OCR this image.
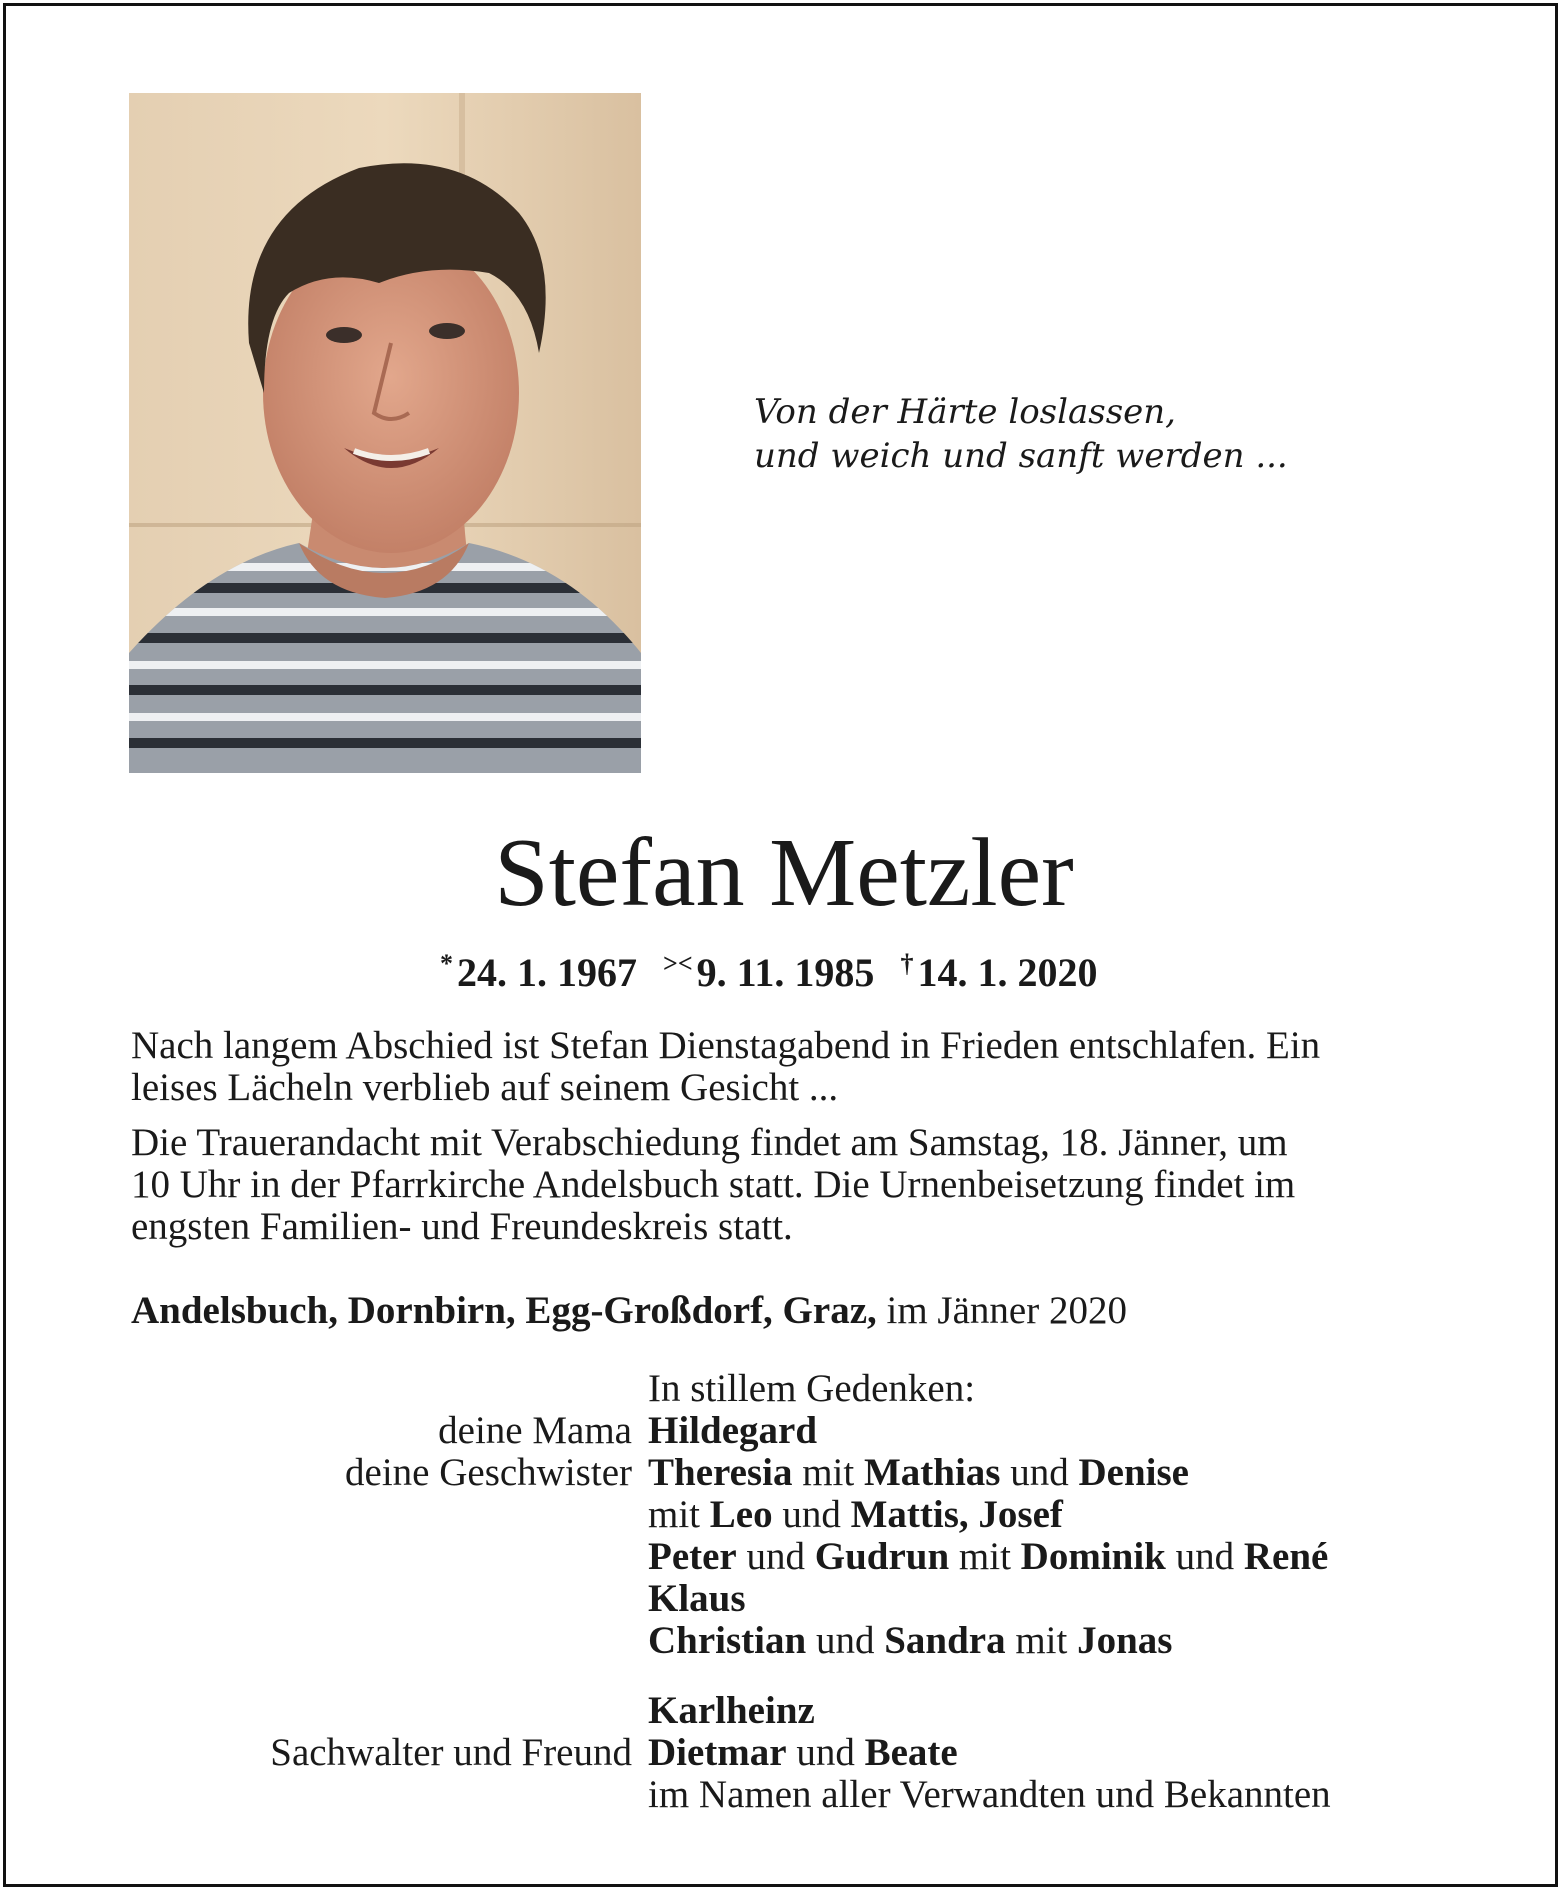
Von der Härte loslassen,
und weich und sanft werden ...
Stefan Metzler
* 24. 1. 1967 >< 9. 11. 1985 † 14. 1. 2020
Nach langem Abschied ist Stefan Dienstagabend in Frieden entschlafen. Ein
leises Lächeln verblieb auf seinem Gesicht ...
Die Trauerandacht mit Verabschiedung findet am Samstag, 18. Jänner, um
10 Uhr in der Pfarrkirche Andelsbuch statt. Die Urnenbeisetzung findet im
engsten Familien- und Freundeskreis statt.
Andelsbuch, Dornbirn, Egg-Großdorf, Graz, im Jänner 2020
In stillem Gedenken:
deine Mama Hildegard
deine Geschwister Theresia mit Mathias und Denise
mit Leo und Mattis, Josef
Peter und Gudrun mit Dominik und René
Klaus
Christian und Sandra mit Jonas
Karlheinz
Sachwalter und Freund Dietmar und Beate
im Namen aller Verwandten und Bekannten
